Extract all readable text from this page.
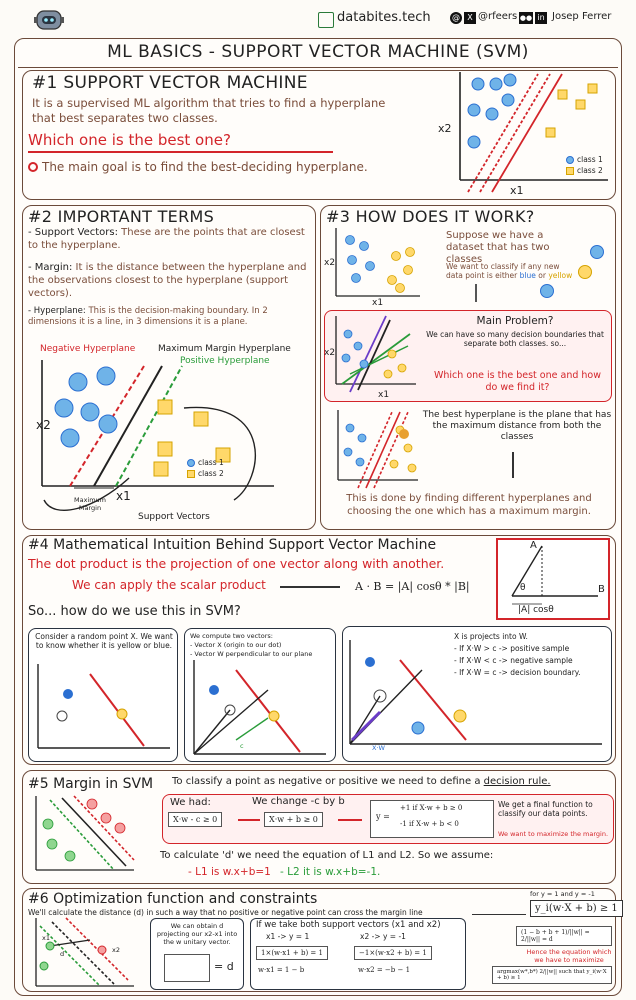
databites.tech	@ X @rfeers ●● in Josep Ferrer
ML BASICS - SUPPORT VECTOR MACHINE (SVM)
#1 SUPPORT VECTOR MACHINE
It is a supervised ML algorithm that tries to find a hyperplane that best separates two classes.
Which one is the best one?
The main goal is to find the best-deciding hyperplane.
x2
x1
class 1
class 2
#2 IMPORTANT TERMS
- Support Vectors: These are the points that are closest to the hyperplane.
- Margin: It is the distance between the hyperplane and the observations closest to the hyperplane (support vectors).
- Hyperplane: This is the decision-making boundary. In 2 dimensions it is a line, in 3 dimensions it is a plane.
Negative Hyperplane	Maximum Margin Hyperplane
Positive Hyperplane
x2
x1
class 1
class 2
Maximum Margin
Support Vectors
#3 HOW DOES IT WORK?
x2
x1
Suppose we have a dataset that has two classes
We want to classify if any new data point is either blue or yellow
x2
x1
Main Problem?
We can have so many decision boundaries that separate both classes. so...
Which one is the best one and how do we find it?
The best hyperplane is the plane that has the maximum distance from both the classes
This is done by finding different hyperplanes and choosing the one which has a maximum margin.
#4 Mathematical Intuition Behind Support Vector Machine
The dot product is the projection of one vector along with another.
We can apply the scalar product	A · B = |A| cosθ * |B|
A
B
θ
|A| cosθ
So... how do we use this in SVM?
Consider a random point X. We want to know whether it is yellow or blue.
We compute two vectors:
- Vector X (origin to our dot)
- Vector W perpendicular to our plane
c
X is projects into W.
- If X·W > c -> positive sample
- If X·W < c -> negative sample
- If X·W = c -> decision boundary.
X·W
#5 Margin in SVM To classify a point as negative or positive we need to define a decision rule.
We had:	We change -c by b
X·w - c ≥ 0	X·w + b ≥ 0	y =
+1 if X·w + b ≥ 0
-1 if X·w + b < 0
We get a final function to classify our data points.
We want to maximize the margin.
To calculate 'd' we need the equation of L1 and L2. So we assume:
- L1 is w.x+b=1 - L2 it is w.x+b=-1.
#6 Optimization function and constraints
We'll calculate the distance (d) in such a way that no positive or negative point can cross the margin line
x1
x2
d
We can obtain d projecting our x2-x1 into the w unitary vector.
= d
If we take both support vectors (x1 and x2)
x1 -> y = 1	x2 -> y = -1
1×(w·x1 + b) = 1
w·x1 = 1 − b
−1×(w·x2 + b) = 1
w·x2 = −b − 1
for y = 1 and y = -1
y_i(w·X + b) ≥ 1
(1 − b + b + 1)/||w|| = 2/||w|| = d
Hence the equation which we have to maximize
argmax(w*,b*) 2/||w|| such that y_i(w·X + b) ≥ 1
